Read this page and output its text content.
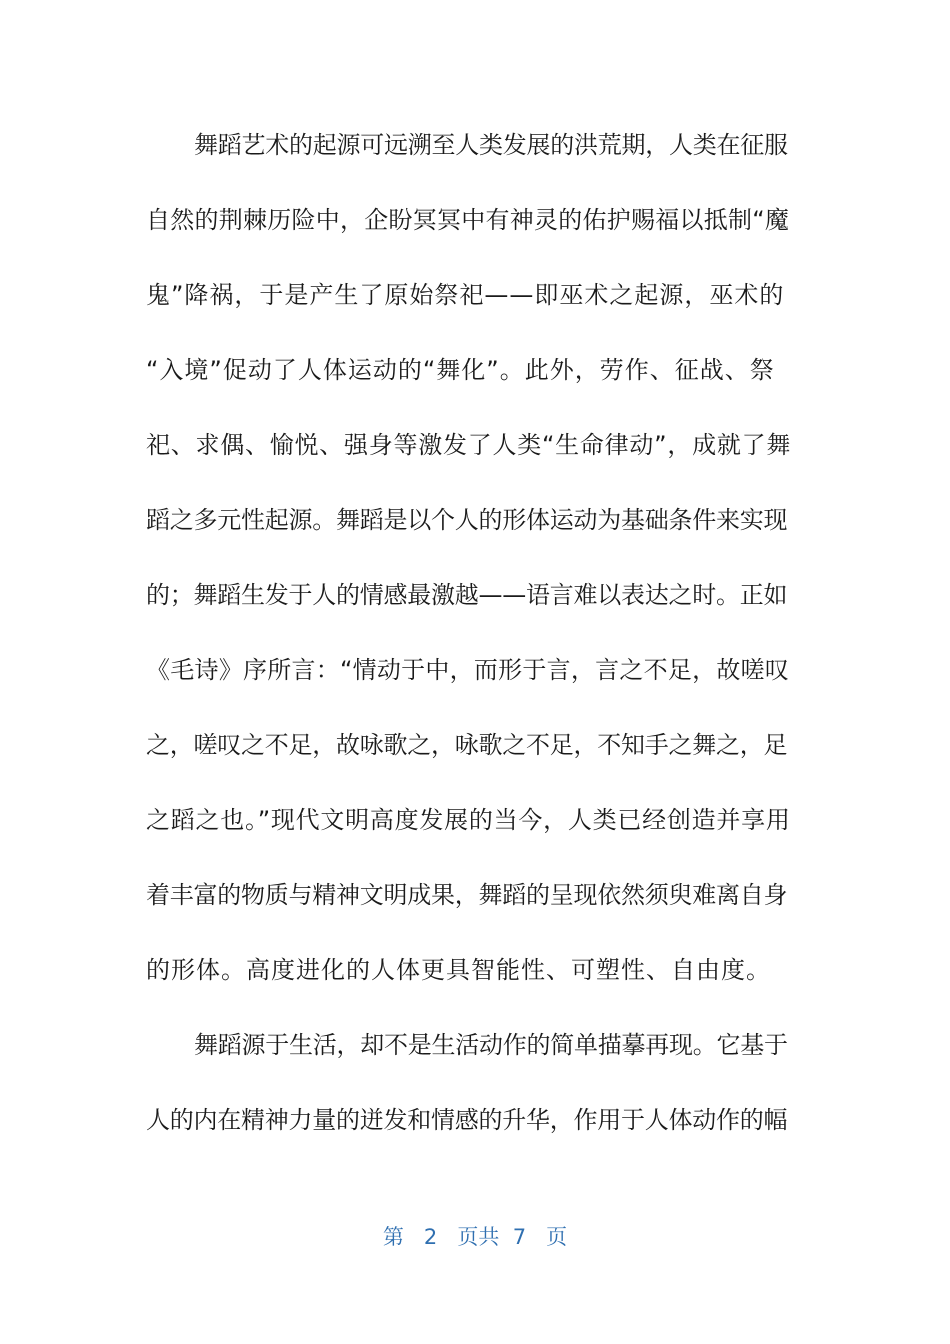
舞蹈艺术的起源可远溯至人类发展的洪荒期，人类在征服
自然的荆棘历险中，企盼冥冥中有神灵的佑护赐福以抵制“魔
鬼”降祸，于是产生了原始祭祀——即巫术之起源，巫术的
“入境”促动了人体运动的“舞化”。此外，劳作、征战、祭
祀、求偶、愉悦、强身等激发了人类“生命律动”，成就了舞
蹈之多元性起源。舞蹈是以个人的形体运动为基础条件来实现
的；舞蹈生发于人的情感最激越——语言难以表达之时。正如
《毛诗》序所言：“情动于中，而形于言，言之不足，故嗟叹
之，嗟叹之不足，故咏歌之，咏歌之不足，不知手之舞之，足
之蹈之也。”现代文明高度发展的当今，人类已经创造并享用
着丰富的物质与精神文明成果，舞蹈的呈现依然须臾难离自身
的形体。高度进化的人体更具智能性、可塑性、自由度。
舞蹈源于生活，却不是生活动作的简单描摹再现。它基于
人的内在精神力量的迸发和情感的升华，作用于人体动作的幅
第 2 页共 7 页
